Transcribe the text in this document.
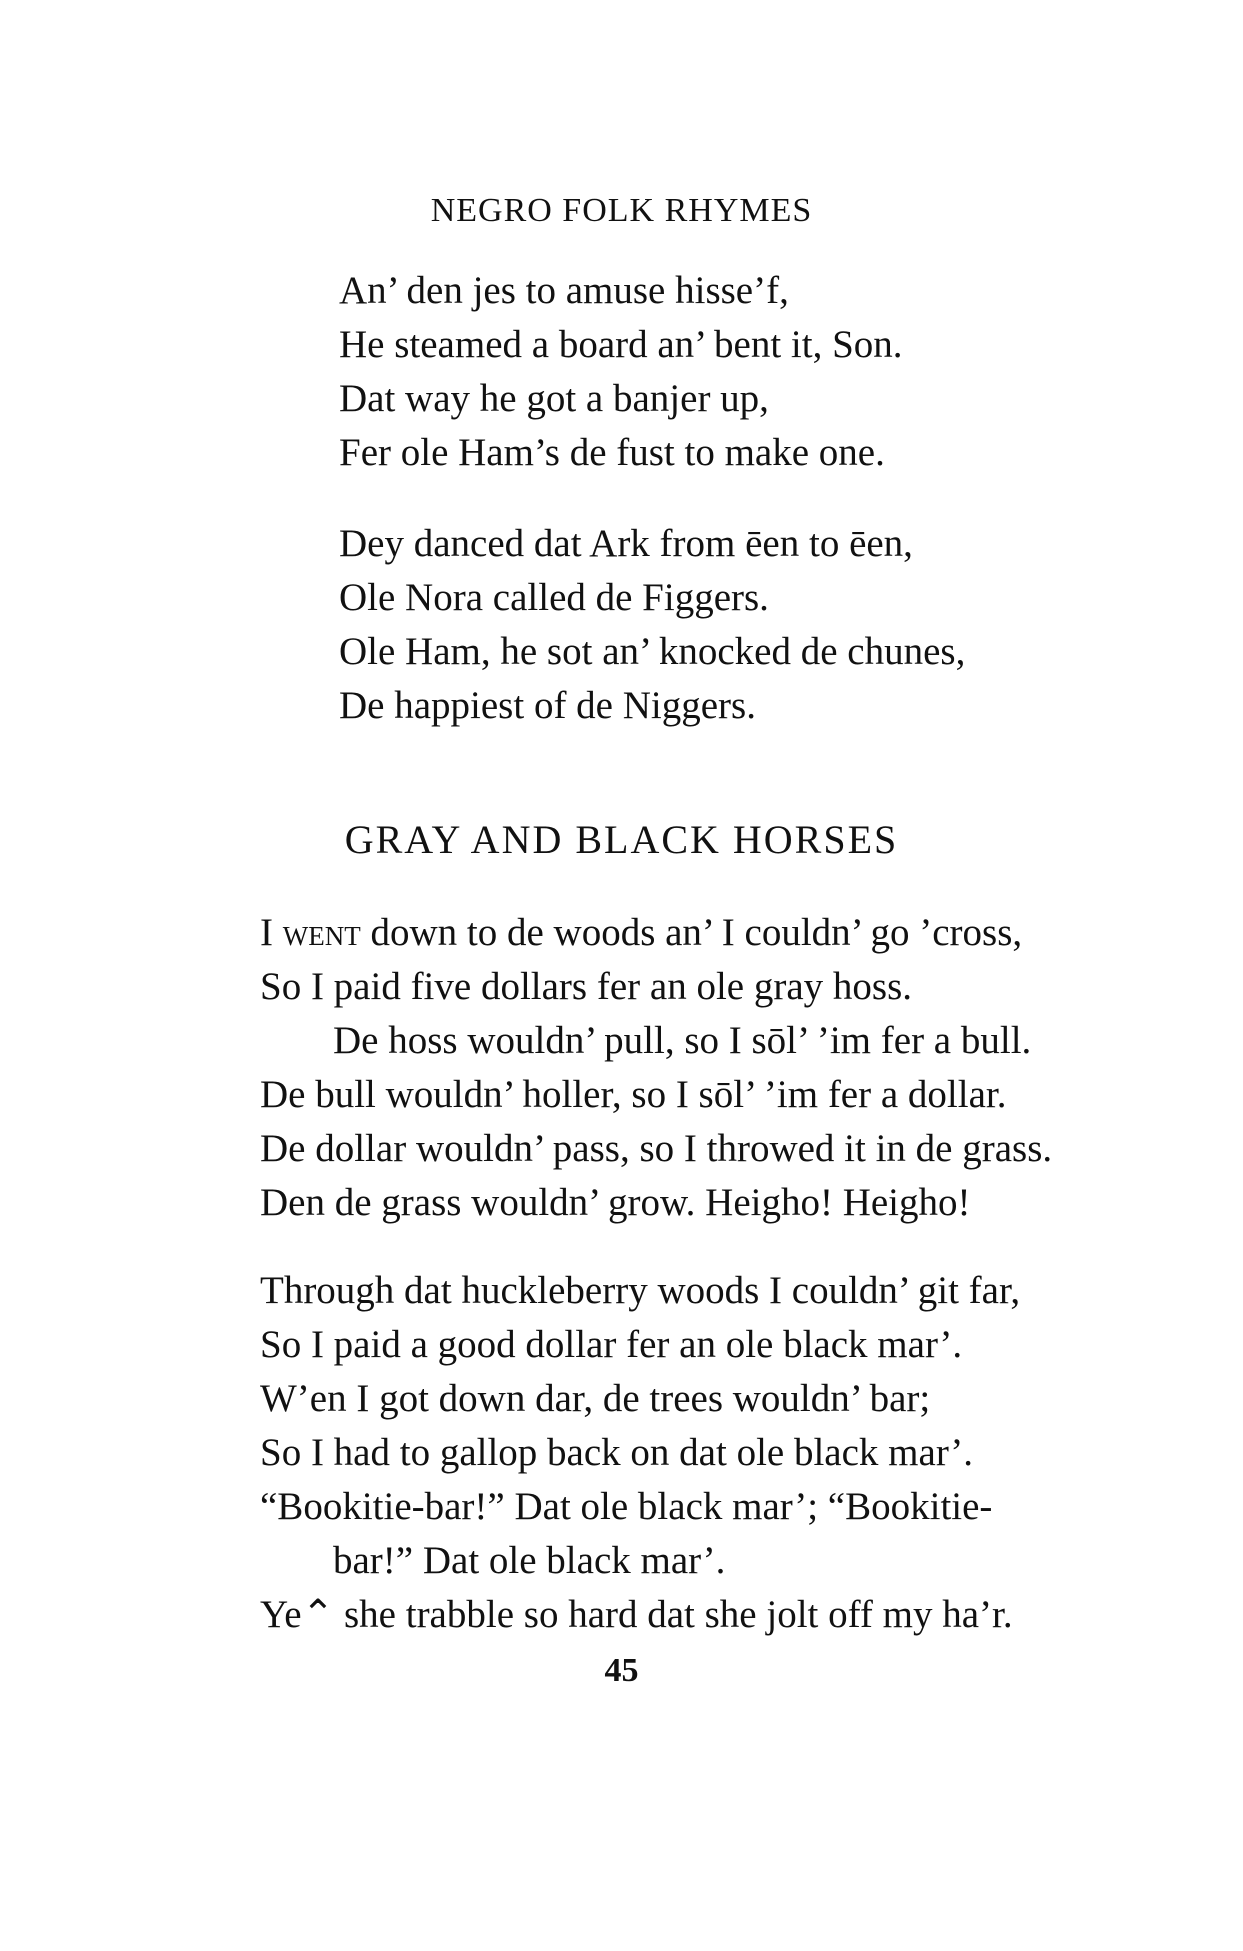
NEGRO FOLK RHYMES
An’ den jes to amuse hisse’f,
He steamed a board an’ bent it, Son.
Dat way he got a banjer up,
Fer ole Ham’s de fust to make one.
Dey danced dat Ark from ēen to ēen,
Ole Nora called de Figgers.
Ole Ham, he sot an’ knocked de chunes,
De happiest of de Niggers.
GRAY AND BLACK HORSES
I went down to de woods an’ I couldn’ go ’cross,
So I paid five dollars fer an ole gray hoss.
De hoss wouldn’ pull, so I sōl’ ’im fer a bull.
De bull wouldn’ holler, so I sōl’ ’im fer a dollar.
De dollar wouldn’ pass, so I throwed it in de grass.
Den de grass wouldn’ grow. Heigho! Heigho!
Through dat huckleberry woods I couldn’ git far,
So I paid a good dollar fer an ole black mar’.
W’en I got down dar, de trees wouldn’ bar;
So I had to gallop back on dat ole black mar’.
“Bookitie-bar!” Dat ole black mar’; “Bookitie-
bar!” Dat ole black mar’.
Ye⌃ she trabble so hard dat she jolt off my ha’r.
45
